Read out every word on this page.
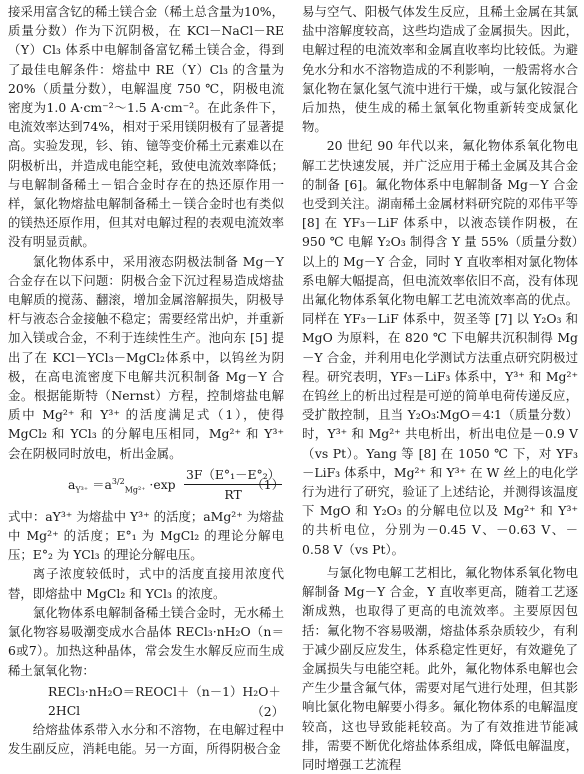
接采用富含钇的稀土镁合金（稀土总含量为10%，质量分数）作为下沉阴极，在 KCl－NaCl－RE（Y）Cl₃ 体系中电解制备富钇稀土镁合金，得到了最佳电解条件：熔盐中 RE（Y）Cl₃ 的含量为20%（质量分数），电解温度 750 ℃，阴极电流密度为1.0 A·cm⁻²～1.5 A·cm⁻²。在此条件下，电流效率达到74%，相对于采用镁阴极有了显著提高。实验发现，钐、铕、镱等变价稀土元素难以在阴极析出，并造成电能空耗，致使电流效率降低；与电解制备稀土－铝合金时存在的热还原作用一样，氯化物熔盐电解制备稀土－镁合金时也有类似的镁热还原作用，但其对电解过程的表观电流效率没有明显贡献。

氯化物体系中，采用液态阴极法制备 Mg－Y 合金存在以下问题：阴极合金下沉过程易造成熔盐电解质的搅荡、翻滚，增加金属溶解损失，阴极导杆与液态合金接触不稳定；需要经常出炉，并重新加入镁或合金，不利于连续性生产。池向东 [5] 提出了在 KCl－YCl₃－MgCl₂体系中，以钨丝为阴极，在高电流密度下电解共沉积制备 Mg－Y 合金。根据能斯特（Nernst）方程，控制熔盐电解质中 Mg²⁺ 和 Y³⁺ 的活度满足式（1），使得 MgCl₂ 和 YCl₃ 的分解电压相同，Mg²⁺ 和 Y³⁺ 会在阴极同时放电，析出金属。

$a_{Y^{3+}} =a^{3/2}_{Mg^{2+}} \cdot\exp \frac{\text{3F（E°₁－E°₂）}}{RT}$
（1）

式中：aY³⁺ 为熔盐中 Y³⁺ 的活度；aMg²⁺ 为熔盐中 Mg²⁺ 的活度；E°₁ 为 MgCl₂ 的理论分解电压；E°₂ 为 YCl₃ 的理论分解电压。

离子浓度较低时，式中的活度直接用浓度代替，即熔盐中 MgCl₂ 和 YCl₃ 的浓度。

氯化物体系电解制备稀土镁合金时，无水稀土氯化物容易吸潮变成水合晶体 RECl₃·nH₂O（n＝6或7）。加热这种晶体，常会发生水解反应而生成稀土氯氧化物：

RECl₃·nH₂O＝REOCl＋（n－1）H₂O＋2HCl	（2）

给熔盐体系带入水分和不溶物，在电解过程中发生副反应，消耗电能。另一方面，所得阴极合金

易与空气、阳极气体发生反应，且稀土金属在其氯盐中溶解度较高，这些均造成了金属损失。因此，电解过程的电流效率和金属直收率均比较低。为避免水分和水不溶物造成的不利影响，一般需将水合氯化物在氯化氢气流中进行干燥，或与氯化铵混合后加热，使生成的稀土氯氧化物重新转变成氯化物。

20 世纪 90 年代以来，氟化物体系氧化物电解工艺快速发展，并广泛应用于稀土金属及其合金的制备 [6]。氟化物体系中电解制备 Mg－Y 合金也受到关注。湖南稀土金属材料研究院的邓伟平等 [8] 在 YF₃－LiF 体系中，以液态镁作阴极，在 950 ℃ 电解 Y₂O₃ 制得含 Y 量 55%（质量分数）以上的 Mg－Y 合金，同时 Y 直收率相对氯化物体系电解大幅提高，但电流效率依旧不高，没有体现出氟化物体系氧化物电解工艺电流效率高的优点。同样在 YF₃－LiF 体系中，贺圣等 [7] 以 Y₂O₃ 和 MgO 为原料，在 820 ℃ 下电解共沉积制得 Mg－Y 合金，并利用电化学测试方法重点研究阴极过程。研究表明，YF₃－LiF₃ 体系中，Y³⁺ 和 Mg²⁺ 在钨丝上的析出过程是可逆的简单电荷传递反应，受扩散控制，且当 Y₂O₃∶MgO＝4∶1（质量分数）时，Y³⁺ 和 Mg²⁺ 共电析出，析出电位是－0.9 V（vs Pt）。Yang 等 [8] 在 1050 ℃ 下，对 YF₃－LiF₃ 体系中，Mg²⁺ 和 Y³⁺ 在 W 丝上的电化学行为进行了研究，验证了上述结论，并测得该温度下 MgO 和 Y₂O₃ 的分解电位以及 Mg²⁺ 和 Y³⁺ 的共析电位，分别为－0.45 V、－0.63 V、－0.58 V（vs Pt）。

与氯化物电解工艺相比，氟化物体系氧化物电解制备 Mg－Y 合金，Y 直收率更高，随着工艺逐渐成熟，也取得了更高的电流效率。主要原因包括：氟化物不容易吸潮，熔盐体系杂质较少，有利于减少副反应发生，体系稳定性更好，有效避免了金属损失与电能空耗。此外，氟化物体系电解也会产生少量含氟气体，需要对尾气进行处理，但其影响比氯化物电解要小得多。氟化物体系的电解温度较高，这也导致能耗较高。为了有效推进节能减排，需要不断优化熔盐体系组成，降低电解温度，同时增强工艺流程
